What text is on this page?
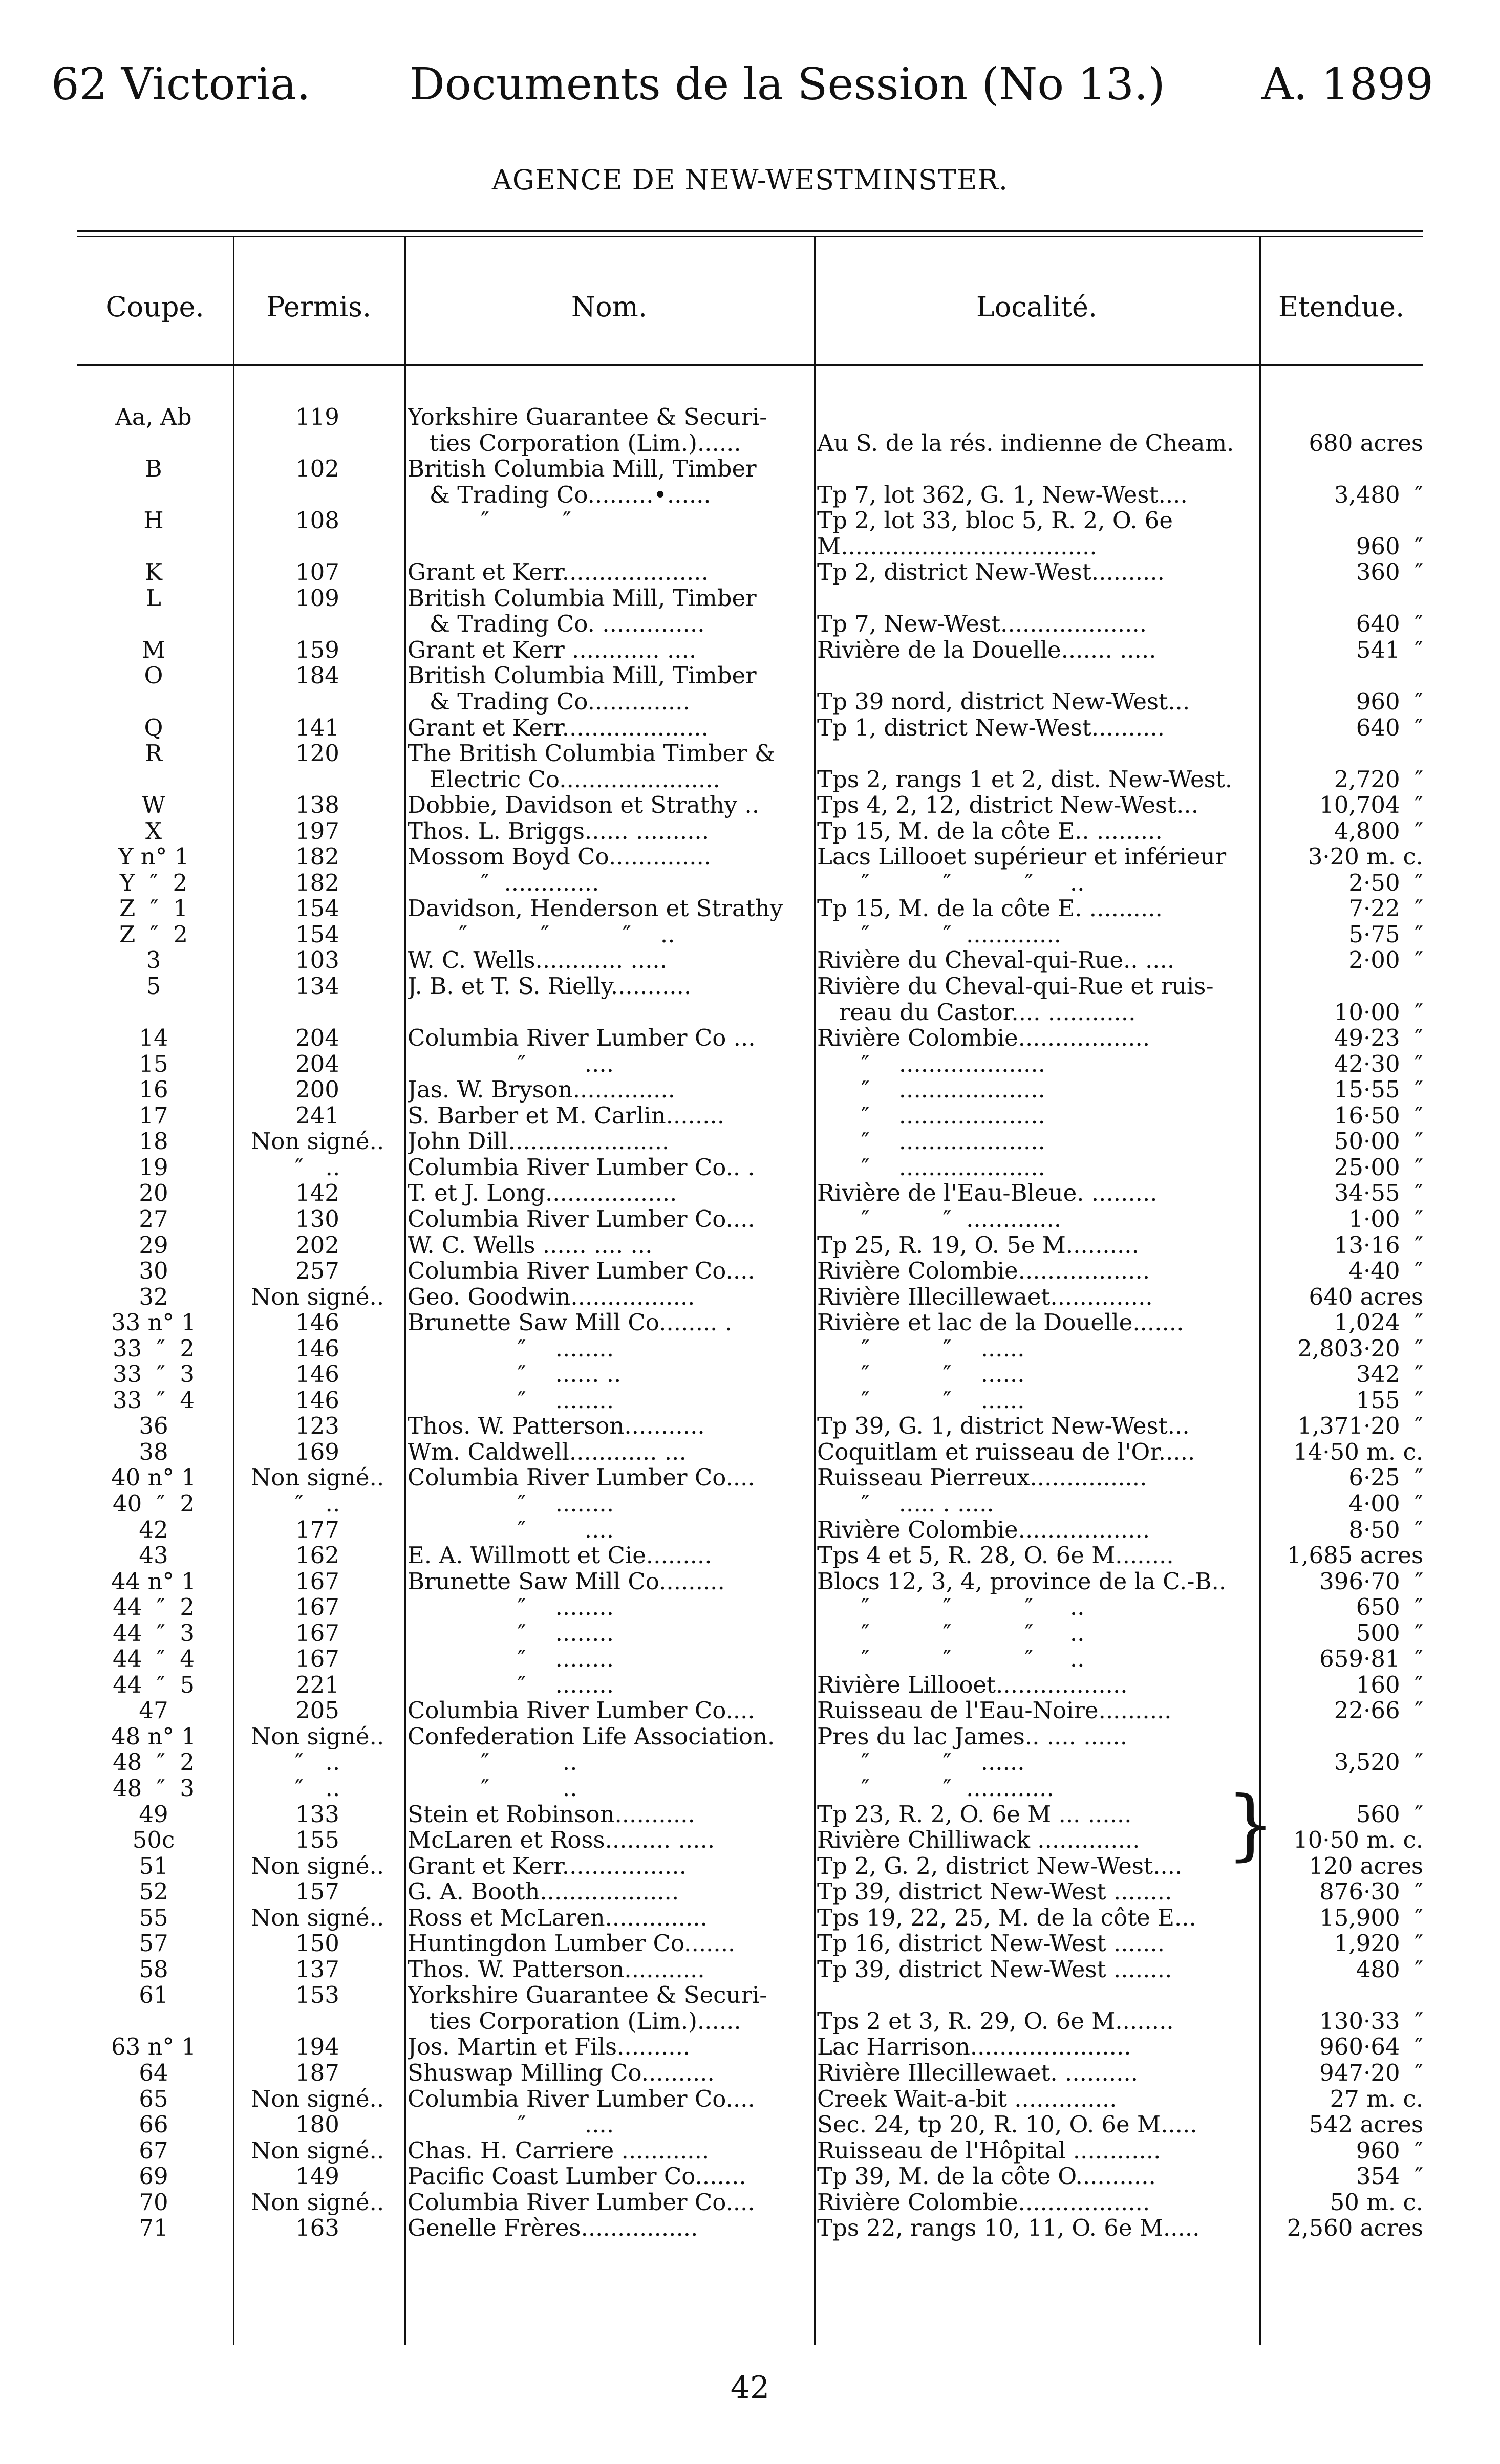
62 Victoria. Documents de la Session (No 13.) A. 1899
AGENCE DE NEW-WESTMINSTER.
Coupe.	Permis.	Nom.	Localité.	Etendue.
Aa, Ab	119	Yorkshire Guarantee & Securi-
ties Corporation (Lim.)......	Au S. de la rés. indienne de Cheam.	680 acres
B	102	British Columbia Mill, Timber
& Trading Co.........•......	Tp 7, lot 362, G. 1, New-West....	3,480  ″
H	108	″          ″	Tp 2, lot 33, bloc 5, R. 2, O. 6e
M...................................	960  ″
K	107	Grant et Kerr....................	Tp 2, district New-West..........	360  ″
L	109	British Columbia Mill, Timber
& Trading Co. ..............	Tp 7, New-West....................	640  ″
M	159	Grant et Kerr ............ ....	Rivière de la Douelle....... .....	541  ″
O	184	British Columbia Mill, Timber
& Trading Co..............	Tp 39 nord, district New-West...	960  ″
Q	141	Grant et Kerr....................	Tp 1, district New-West..........	640  ″
R	120	The British Columbia Timber &
Electric Co......................	Tps 2, rangs 1 et 2, dist. New-West.	2,720  ″
W	138	Dobbie, Davidson et Strathy ..	Tps 4, 2, 12, district New-West...	10,704  ″
X	197	Thos. L. Briggs...... ..........	Tp 15, M. de la côte E.. .........	4,800  ″
Y n° 1	182	Mossom Boyd Co..............	Lacs Lillooet supérieur et inférieur	3·20 m. c.
Y  ″  2	182	″  .............	″          ″          ″     ..	2·50  ″
Z  ″  1	154	Davidson, Henderson et Strathy	Tp 15, M. de la côte E. ..........	7·22  ″
Z  ″  2	154	″          ″          ″    ..	″          ″  .............	5·75  ″
3	103	W. C. Wells............ .....	Rivière du Cheval-qui-Rue.. ....	2·00  ″
5	134	J. B. et T. S. Rielly...........	Rivière du Cheval-qui-Rue et ruis-
reau du Castor.... ............	10·00  ″
14	204	Columbia River Lumber Co ...	Rivière Colombie..................	49·23  ″
15	204	″        ....	″    ....................	42·30  ″
16	200	Jas. W. Bryson..............	″    ....................	15·55  ″
17	241	S. Barber et M. Carlin........	″    ....................	16·50  ″
18	Non signé..	John Dill......................	″    ....................	50·00  ″
19	″   ..	Columbia River Lumber Co.. .	″    ....................	25·00  ″
20	142	T. et J. Long..................	Rivière de l'Eau-Bleue. .........	34·55  ″
27	130	Columbia River Lumber Co....	″          ″  .............	1·00  ″
29	202	W. C. Wells ...... .... ...	Tp 25, R. 19, O. 5e M..........	13·16  ″
30	257	Columbia River Lumber Co....	Rivière Colombie..................	4·40  ″
32	Non signé..	Geo. Goodwin.................	Rivière Illecillewaet..............	640 acres
33 n° 1	146	Brunette Saw Mill Co........ .	Rivière et lac de la Douelle.......	1,024  ″
33  ″  2	146	″    ........	″          ″    ......	2,803·20  ″
33  ″  3	146	″    ...... ..	″          ″    ......	342  ″
33  ″  4	146	″    ........	″          ″    ......	155  ″
36	123	Thos. W. Patterson...........	Tp 39, G. 1, district New-West...	1,371·20  ″
38	169	Wm. Caldwell............ ...	Coquitlam et ruisseau de l'Or.....	14·50 m. c.
40 n° 1	Non signé..	Columbia River Lumber Co....	Ruisseau Pierreux................	6·25  ″
40  ″  2	″   ..	″    ........	″    ..... . .....	4·00  ″
42	177	″        ....	Rivière Colombie..................	8·50  ″
43	162	E. A. Willmott et Cie.........	Tps 4 et 5, R. 28, O. 6e M........	1,685 acres
44 n° 1	167	Brunette Saw Mill Co.........	Blocs 12, 3, 4, province de la C.-B..	396·70  ″
44  ″  2	167	″    ........	″          ″          ″     ..	650  ″
44  ″  3	167	″    ........	″          ″          ″     ..	500  ″
44  ″  4	167	″    ........	″          ″          ″     ..	659·81  ″
44  ″  5	221	″    ........	Rivière Lillooet..................	160  ″
47	205	Columbia River Lumber Co....	Ruisseau de l'Eau-Noire..........	22·66  ″
48 n° 1	Non signé..	Confederation Life Association.	Pres du lac James.. .... ......
48  ″  2	″   ..	″          ..	″          ″    ......	3,520  ″
48  ″  3	″   ..	″          ..	″          ″  ............
49	133	Stein et Robinson...........	Tp 23, R. 2, O. 6e M ... ......	560  ″
50c	155	McLaren et Ross......... .....	Rivière Chilliwack ..............	10·50 m. c.
51	Non signé..	Grant et Kerr.................	Tp 2, G. 2, district New-West....	120 acres
52	157	G. A. Booth...................	Tp 39, district New-West ........	876·30  ″
55	Non signé..	Ross et McLaren..............	Tps 19, 22, 25, M. de la côte E...	15,900  ″
57	150	Huntingdon Lumber Co.......	Tp 16, district New-West .......	1,920  ″
58	137	Thos. W. Patterson...........	Tp 39, district New-West ........	480  ″
61	153	Yorkshire Guarantee & Securi-
ties Corporation (Lim.)......	Tps 2 et 3, R. 29, O. 6e M........	130·33  ″
63 n° 1	194	Jos. Martin et Fils..........	Lac Harrison......................	960·64  ″
64	187	Shuswap Milling Co..........	Rivière Illecillewaet. ..........	947·20  ″
65	Non signé..	Columbia River Lumber Co....	Creek Wait-a-bit ..............	27 m. c.
66	180	″        ....	Sec. 24, tp 20, R. 10, O. 6e M.....	542 acres
67	Non signé..	Chas. H. Carriere ............	Ruisseau de l'Hôpital ............	960  ″
69	149	Pacific Coast Lumber Co.......	Tp 39, M. de la côte O...........	354  ″
70	Non signé..	Columbia River Lumber Co....	Rivière Colombie..................	50 m. c.
71	163	Genelle Frères................	Tps 22, rangs 10, 11, O. 6e M.....	2,560 acres
}
42
